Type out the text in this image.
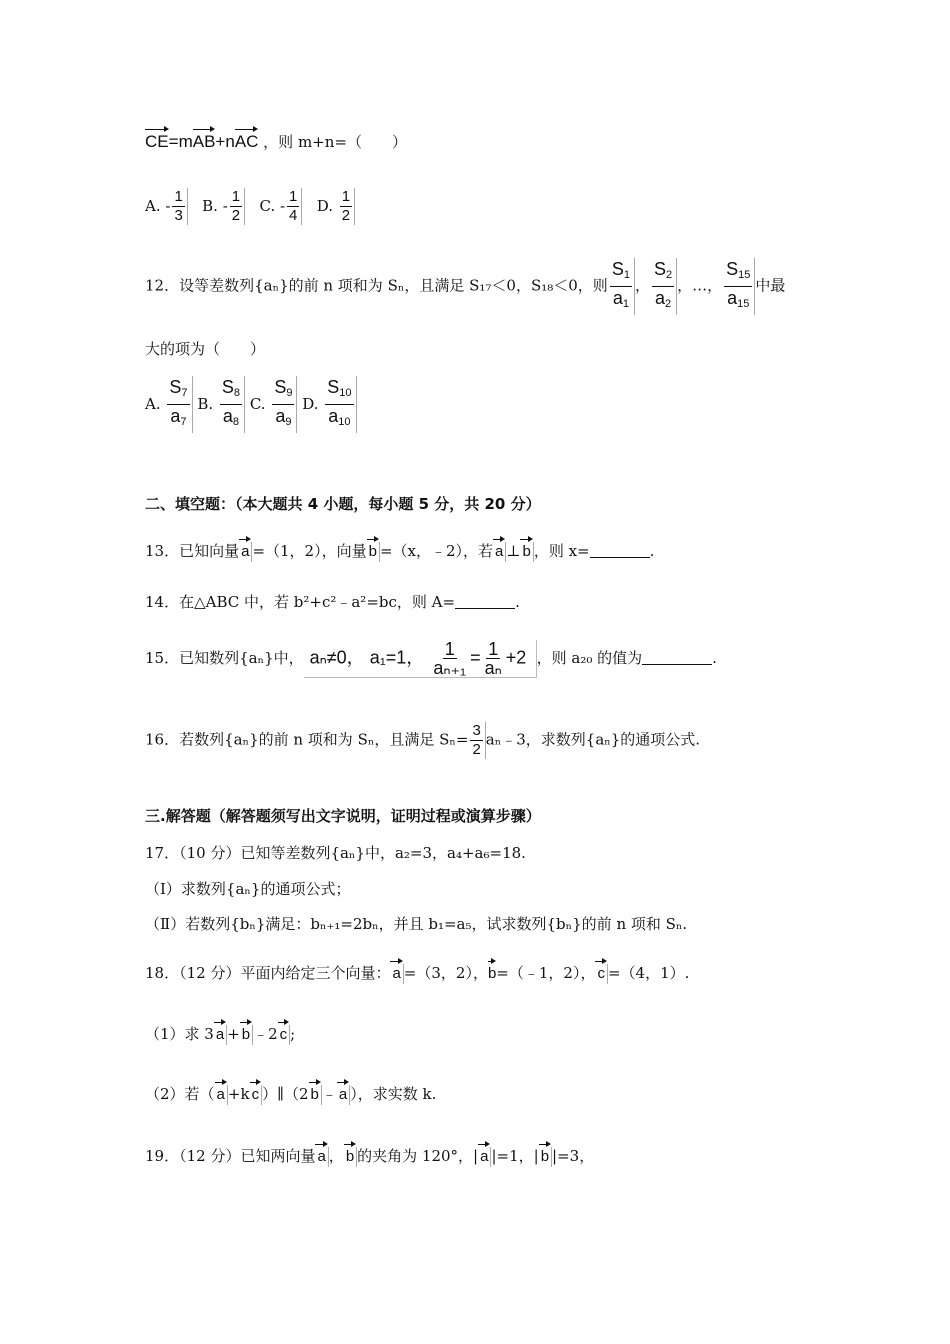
CE=mAB+nAC ，则 m+n=（　　）
A. - $\frac{1}{3} B$. - $\frac{1}{2} C$. - $\frac{1}{4} D$. $\frac{1}{2}$
12．设等差数列{aₙ}的前 n 项和为 Sₙ，且满足 S₁₇＜0，S₁₈＜0，则 $\frac{S_1}{a_1}$ ， $\frac{S_2}{a_2}$ ，…， $\frac{S_{15}}{a_{15}}$ 中最
大的项为（　　）
A. $\frac{S_7}{a_7} B$. $\frac{S_8}{a_8} C$. $\frac{S_9}{a_9} D$. $\frac{S_{10}}{a_{10}}$
二、填空题：（本大题共 4 小题，每小题 5 分，共 20 分）
13．已知向量 a =（1，2），向量 b =（x，﹣2），若 a ⊥ b ，则 x=	.
14．在△ABC 中，若 b²+c²﹣a²=bc，则 A=	.
15．已知数列{aₙ}中， aₙ≠0， a₁=1， $\frac{1}{\text{aₙ₊₁}} = \frac{1}{\text{aₙ}} +2$ ，则 a₂₀ 的值为	.
16．若数列{aₙ}的前 n 项和为 Sₙ，且满足 $S_n= \frac{3}{2}$ aₙ﹣3，求数列{aₙ}的通项公式.
三.解答题（解答题须写出文字说明，证明过程或演算步骤）
17．（10 分）已知等差数列{aₙ}中，a₂=3，a₄+a₆=18.
（Ⅰ）求数列{aₙ}的通项公式；
（Ⅱ）若数列{bₙ}满足：bₙ₊₁=2bₙ，并且 b₁=a₅，试求数列{bₙ}的前 n 项和 Sₙ.
18．（12 分）平面内给定三个向量： a =（3，2），b=（﹣1，2）， c =（4，1）.
（1）求 3 a + b ﹣2 c ;
（2）若（ a +k c ）∥（2 b ﹣ a ），求实数 k.
19．（12 分）已知两向量 a ， b 的夹角为 120°，| a |=1，| b |=3，
